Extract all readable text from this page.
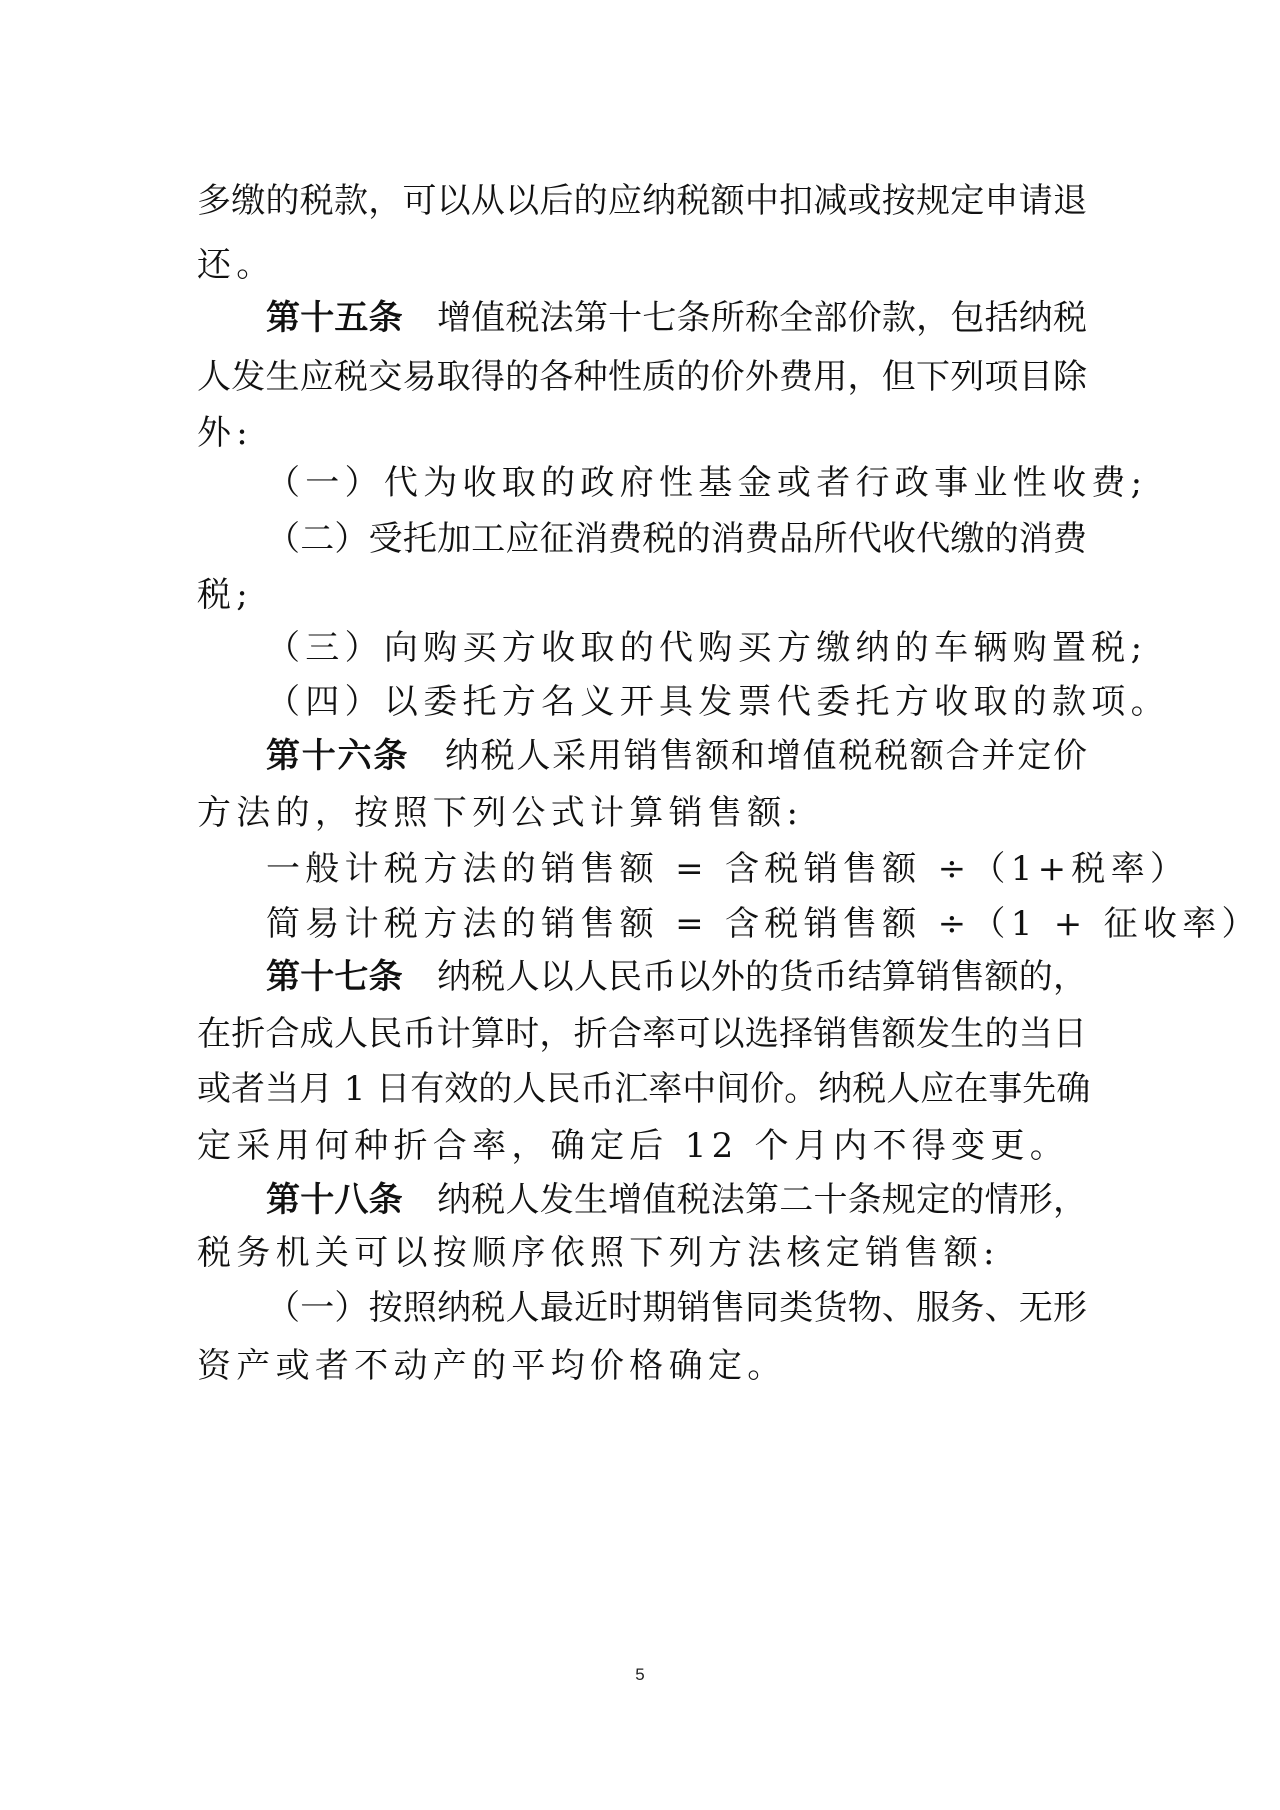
多缴的税款，可以从以后的应纳税额中扣减或按规定申请退
还。
第十五条 增值税法第十七条所称全部价款，包括纳税
人发生应税交易取得的各种性质的价外费用，但下列项目除
外:
（一）代为收取的政府性基金或者行政事业性收费;
（二）受托加工应征消费税的消费品所代收代缴的消费
税;
（三）向购买方收取的代购买方缴纳的车辆购置税;
（四）以委托方名义开具发票代委托方收取的款项。
第十六条 纳税人采用销售额和增值税税额合并定价
方法的，按照下列公式计算销售额:
一般计税方法的销售额 = 含税销售额 ÷（1+税率）
简易计税方法的销售额 = 含税销售额 ÷（1 + 征收率）
第十七条 纳税人以人民币以外的货币结算销售额的，
在折合成人民币计算时，折合率可以选择销售额发生的当日
或者当月 1 日有效的人民币汇率中间价。纳税人应在事先确
定采用何种折合率，确定后 12 个月内不得变更。
第十八条 纳税人发生增值税法第二十条规定的情形，
税务机关可以按顺序依照下列方法核定销售额:
（一）按照纳税人最近时期销售同类货物、服务、无形
资产或者不动产的平均价格确定。
5
